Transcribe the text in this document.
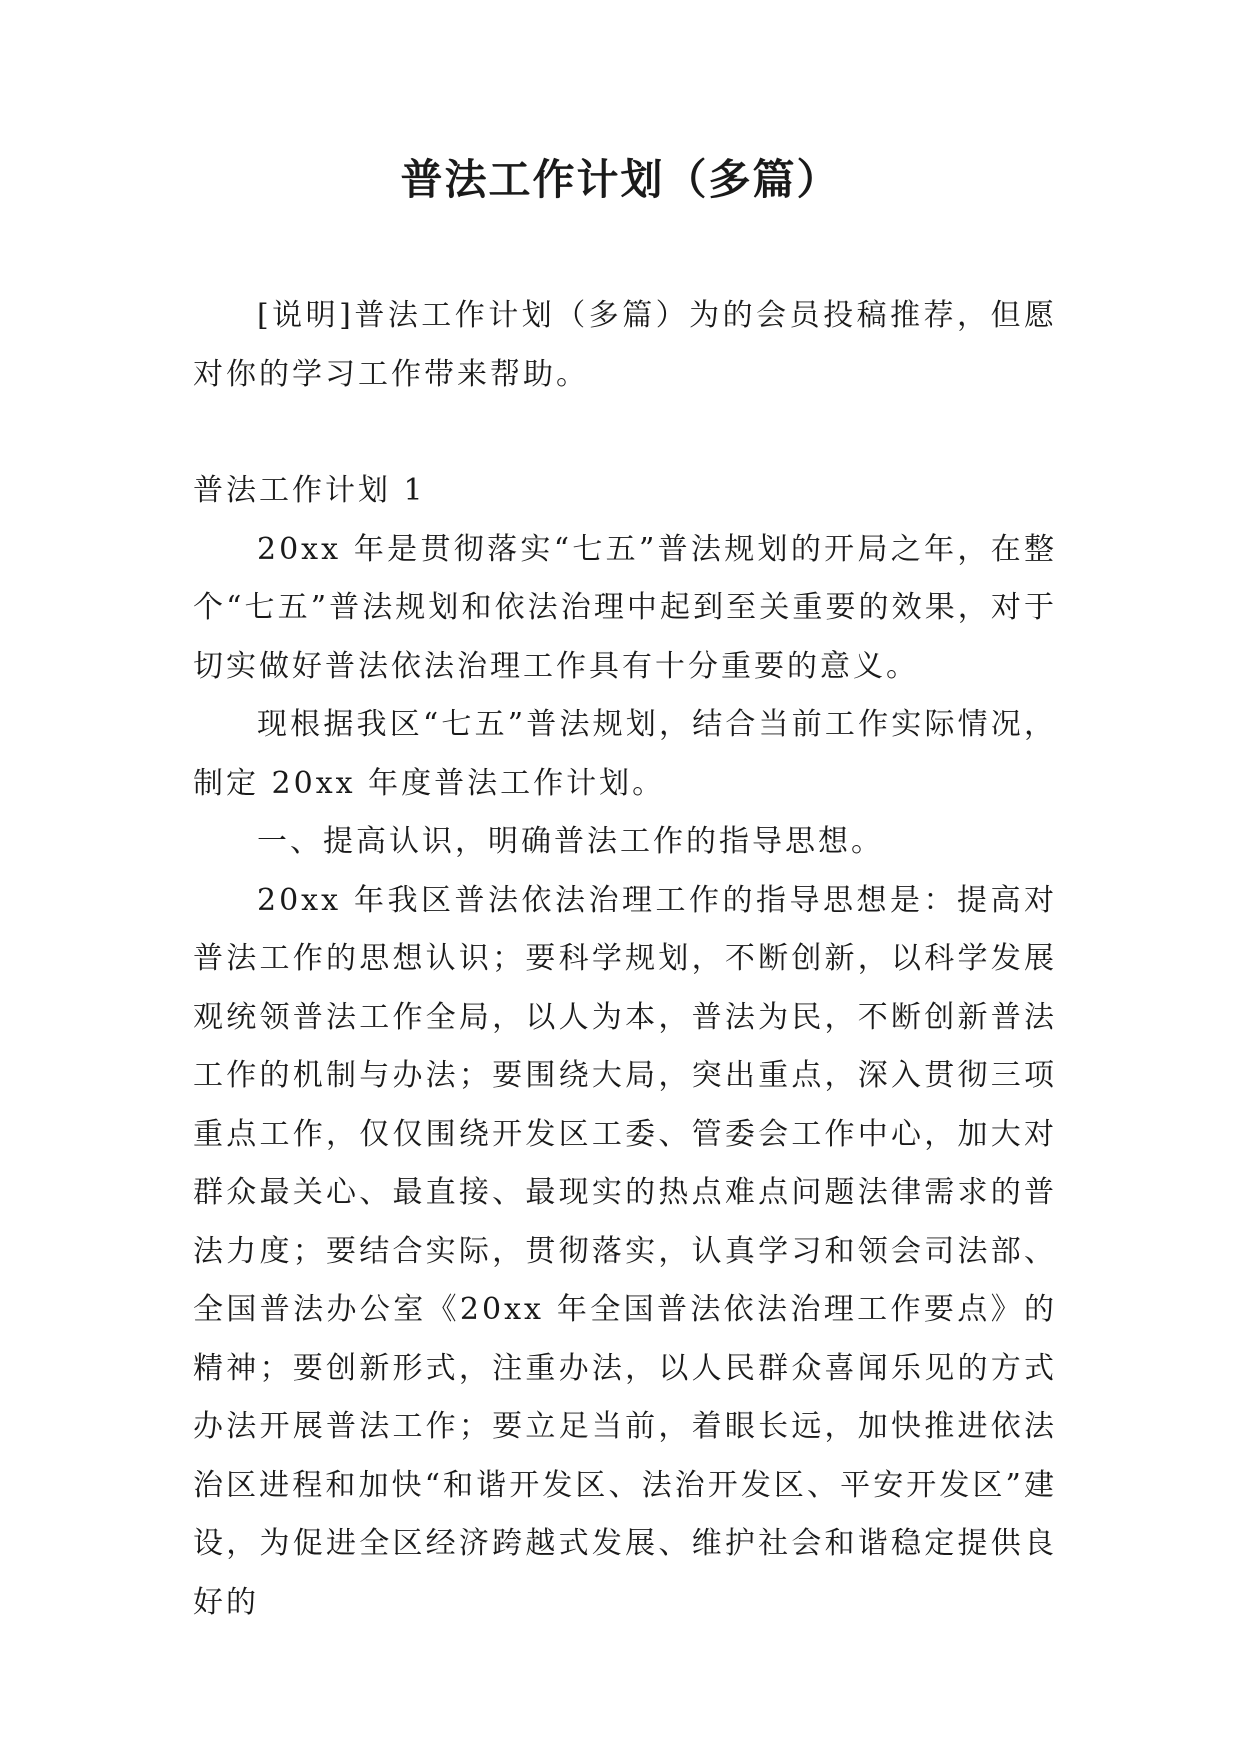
普法工作计划（多篇）

[说明]普法工作计划（多篇）为的会员投稿推荐，但愿对你的学习工作带来帮助。

普法工作计划 1

20xx 年是贯彻落实“七五”普法规划的开局之年，在整个“七五”普法规划和依法治理中起到至关重要的效果，对于切实做好普法依法治理工作具有十分重要的意义。

现根据我区“七五”普法规划，结合当前工作实际情况，制定 20xx 年度普法工作计划。

一、提高认识，明确普法工作的指导思想。

20xx 年我区普法依法治理工作的指导思想是：提高对普法工作的思想认识；要科学规划，不断创新，以科学发展观统领普法工作全局，以人为本，普法为民，不断创新普法工作的机制与办法；要围绕大局，突出重点，深入贯彻三项重点工作，仅仅围绕开发区工委、管委会工作中心，加大对群众最关心、最直接、最现实的热点难点问题法律需求的普法力度；要结合实际，贯彻落实，认真学习和领会司法部、全国普法办公室《20xx 年全国普法依法治理工作要点》的精神；要创新形式，注重办法，以人民群众喜闻乐见的方式办法开展普法工作；要立足当前，着眼长远，加快推进依法治区进程和加快“和谐开发区、法治开发区、平安开发区”建设，为促进全区经济跨越式发展、维护社会和谐稳定提供良好的
